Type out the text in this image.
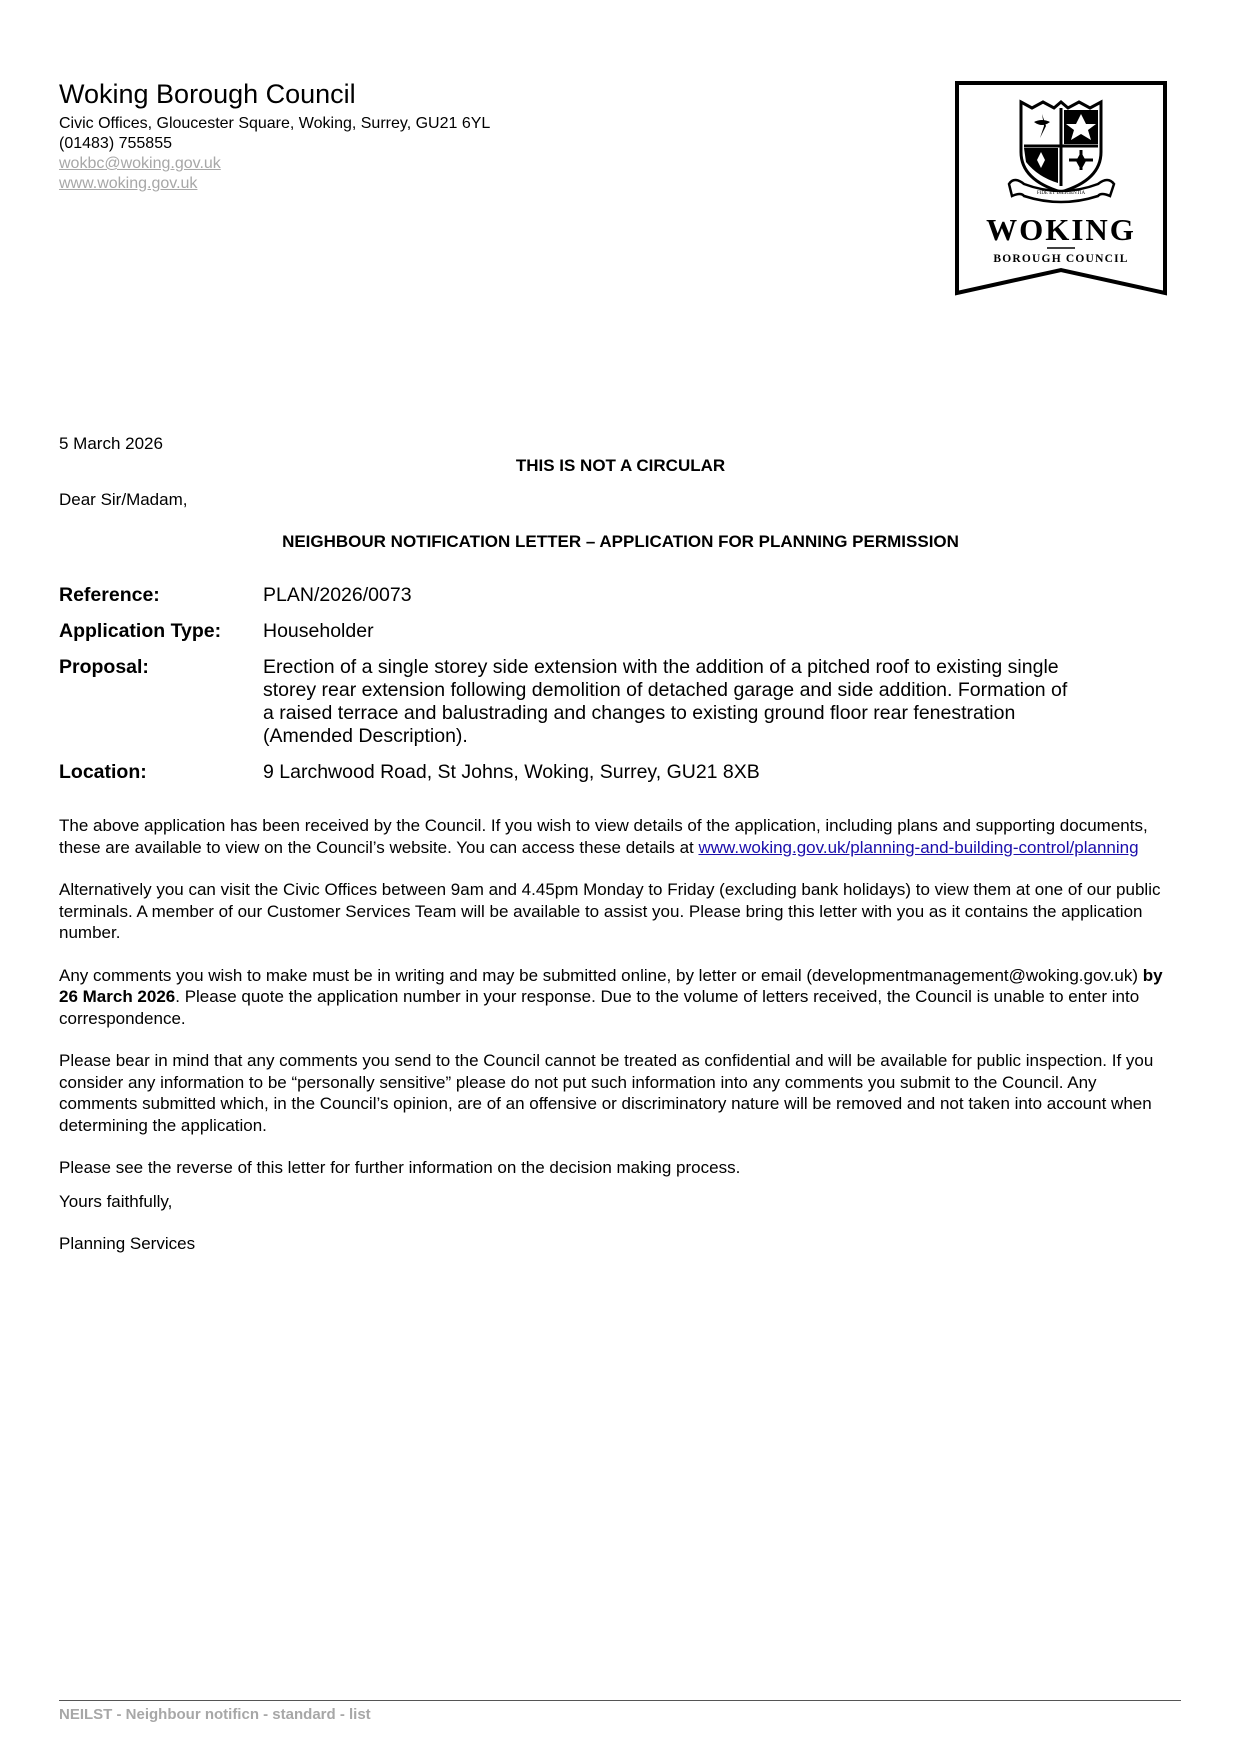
Woking Borough Council
Civic Offices, Gloucester Square, Woking, Surrey, GU21 6YL
(01483) 755855
wokbc@woking.gov.uk
www.woking.gov.uk
FIDE ET DILIGENTIA
WOKING
BOROUGH COUNCIL
5 March 2026
THIS IS NOT A CIRCULAR
Dear Sir/Madam,
NEIGHBOUR NOTIFICATION LETTER – APPLICATION FOR PLANNING PERMISSION
Reference:	PLAN/2026/0073
Application Type:	Householder
Proposal:	Erection of a single storey side extension with the addition of a pitched roof to existing single storey rear extension following demolition of detached garage and side addition. Formation of a raised terrace and balustrading and changes to existing ground floor rear fenestration (Amended Description).
Location:	9 Larchwood Road, St Johns, Woking, Surrey, GU21 8XB

The above application has been received by the Council. If you wish to view details of the application, including plans and supporting documents, these are available to view on the Council’s website. You can access these details at www.woking.gov.uk/planning-and-building-control/planning

Alternatively you can visit the Civic Offices between 9am and 4.45pm Monday to Friday (excluding bank holidays) to view them at one of our public terminals. A member of our Customer Services Team will be available to assist you. Please bring this letter with you as it contains the application number.

Any comments you wish to make must be in writing and may be submitted online, by letter or email (developmentmanagement@woking.gov.uk) by 26 March 2026. Please quote the application number in your response. Due to the volume of letters received, the Council is unable to enter into correspondence.

Please bear in mind that any comments you send to the Council cannot be treated as confidential and will be available for public inspection. If you consider any information to be “personally sensitive” please do not put such information into any comments you submit to the Council. Any comments submitted which, in the Council’s opinion, are of an offensive or discriminatory nature will be removed and not taken into account when determining the application.

Please see the reverse of this letter for further information on the decision making process.

Yours faithfully,
Planning Services
NEILST - Neighbour notificn - standard - list
